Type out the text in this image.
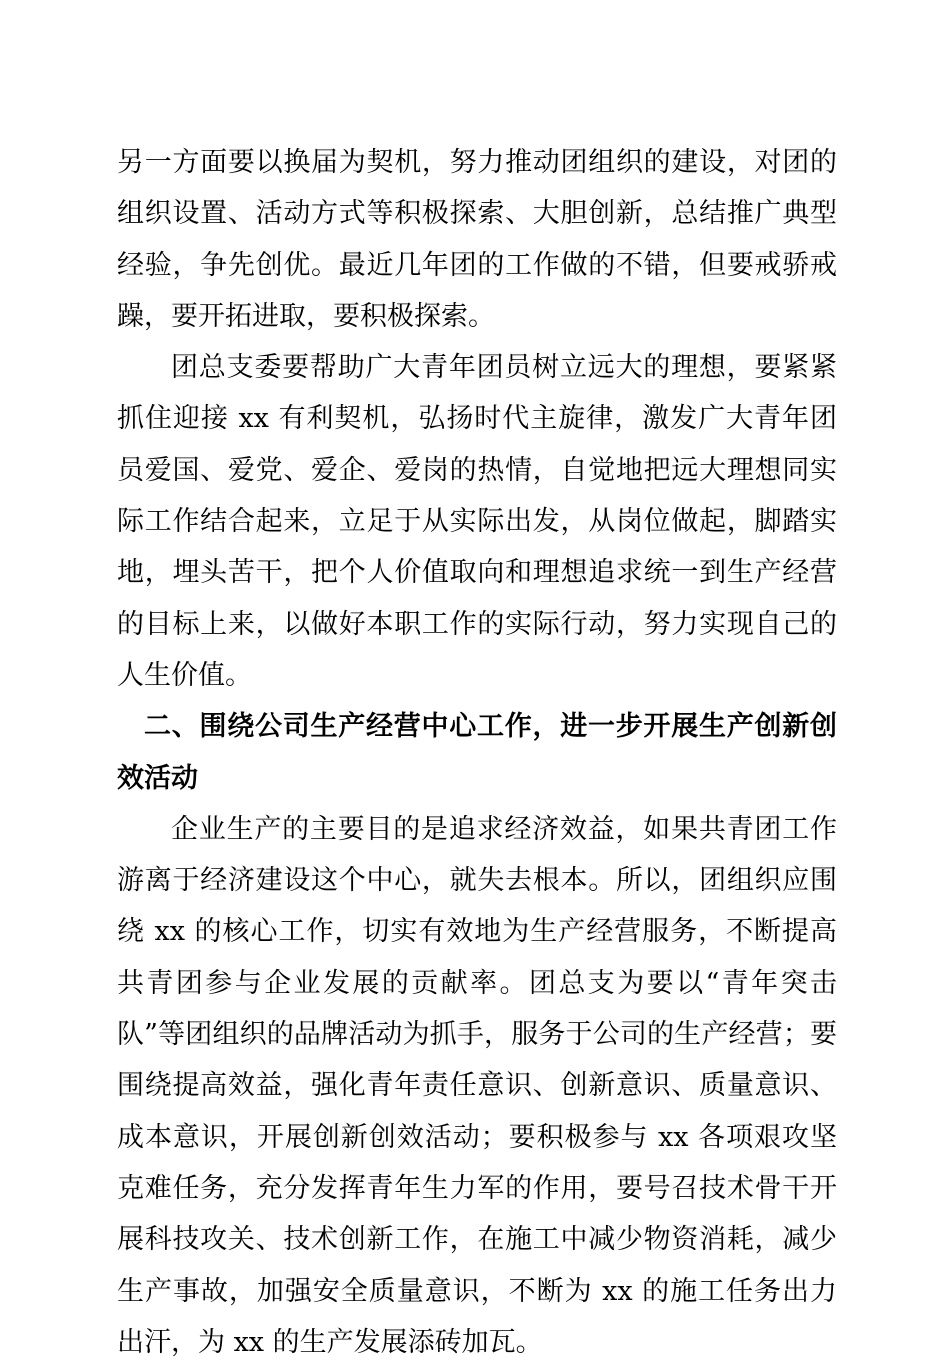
另一方面要以换届为契机，努力推动团组织的建设，对团的组织设置、活动方式等积极探索、大胆创新，总结推广典型经验，争先创优。最近几年团的工作做的不错，但要戒骄戒躁，要开拓进取，要积极探索。

团总支委要帮助广大青年团员树立远大的理想，要紧紧抓住迎接 xx 有利契机，弘扬时代主旋律，激发广大青年团员爱国、爱党、爱企、爱岗的热情，自觉地把远大理想同实际工作结合起来，立足于从实际出发，从岗位做起，脚踏实地，埋头苦干，把个人价值取向和理想追求统一到生产经营的目标上来，以做好本职工作的实际行动，努力实现自己的人生价值。

二、围绕公司生产经营中心工作，进一步开展生产创新创效活动

企业生产的主要目的是追求经济效益，如果共青团工作游离于经济建设这个中心，就失去根本。所以，团组织应围绕 xx 的核心工作，切实有效地为生产经营服务，不断提高共青团参与企业发展的贡献率。团总支为要以“青年突击队”等团组织的品牌活动为抓手，服务于公司的生产经营；要围绕提高效益，强化青年责任意识、创新意识、质量意识、成本意识，开展创新创效活动；要积极参与 xx 各项艰攻坚克难任务，充分发挥青年生力军的作用，要号召技术骨干开展科技攻关、技术创新工作，在施工中减少物资消耗，减少生产事故，加强安全质量意识，不断为 xx 的施工任务出力出汗，为 xx 的生产发展添砖加瓦。
